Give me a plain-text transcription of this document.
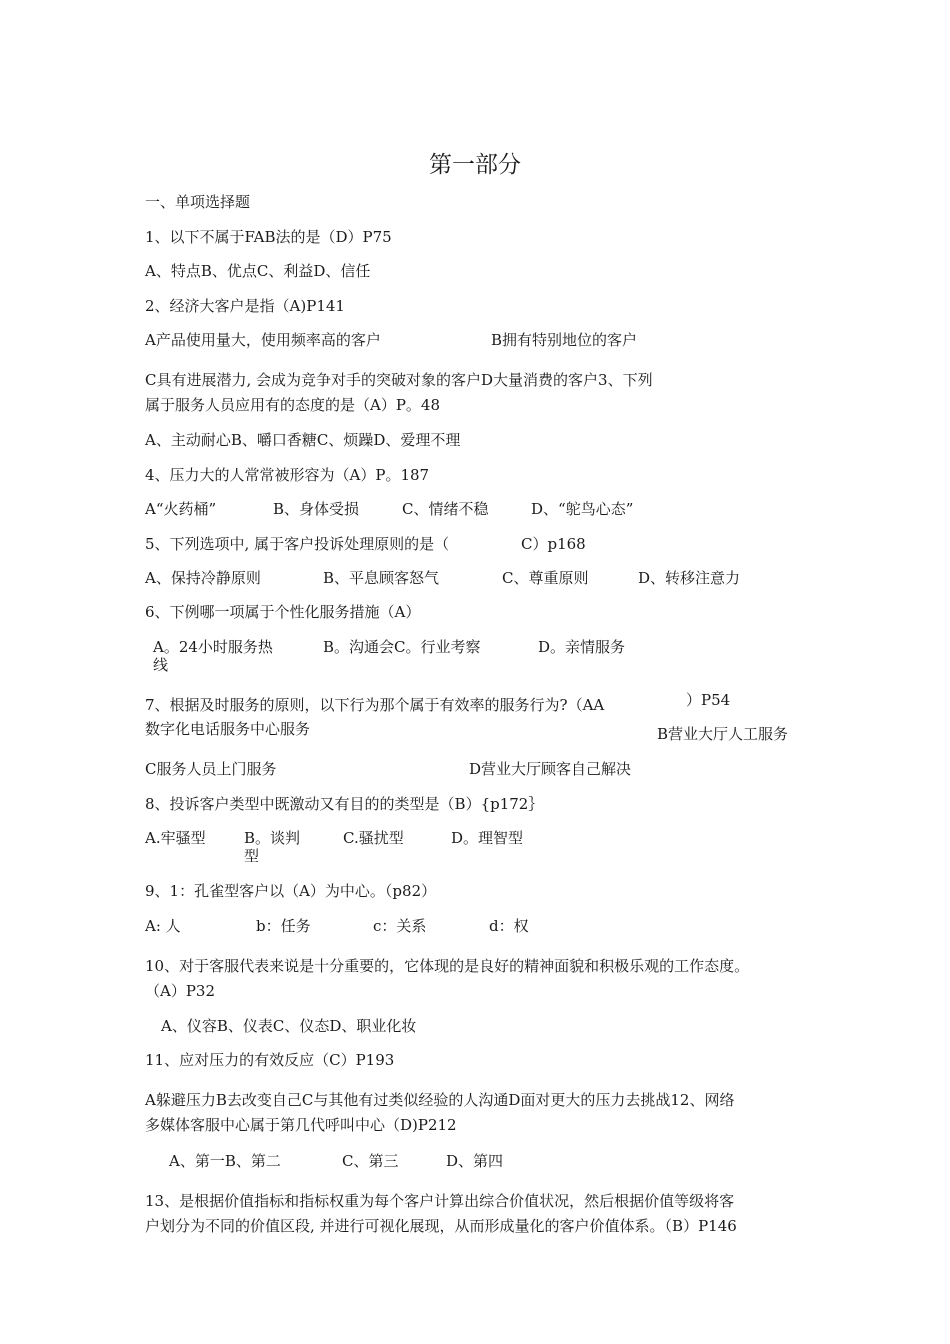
第一部分
一、单项选择题
1、以下不属于FAB法的是（D）P75
A、特点B、优点C、利益D、信任
2、经济大客户是指（A)P141
A产品使用量大，使用频率高的客户	B拥有特别地位的客户
C具有进展潜力, 会成为竞争对手的突破对象的客户D大量消费的客户3、下列
属于服务人员应用有的态度的是（A）P。48
A、主动耐心B、嚼口香糖C、烦躁D、爱理不理
4、压力大的人常常被形容为（A）P。187
A“火药桶”	B、身体受损	C、情绪不稳	D、“鸵鸟心态”
5、下列选项中, 属于客户投诉处理原则的是（	C）p168
A、保持冷静原则	B、平息顾客怒气	C、尊重原则	D、转移注意力
6、下例哪一项属于个性化服务措施（A）
A。24小时服务热
线
B。沟通会C。行业考察	D。亲情服务
7、根据及时服务的原则，以下行为那个属于有效率的服务行为?（AA	）P54
数字化电话服务中心服务	B营业大厅人工服务
C服务人员上门服务	D营业大厅顾客自己解决
8、投诉客户类型中既激动又有目的的类型是（B）{p172｝
A.牢骚型	B。谈判
型
C.骚扰型	D。理智型
9、1：孔雀型客户以（A）为中心。（p82）
A: 人	b：任务	c：关系	d：权
10、对于客服代表来说是十分重要的，它体现的是良好的精神面貌和积极乐观的工作态度。
（A）P32
A、仪容B、仪表C、仪态D、职业化妆
11、应对压力的有效反应（C）P193
A躲避压力B去改变自己C与其他有过类似经验的人沟通D面对更大的压力去挑战12、网络
多媒体客服中心属于第几代呼叫中心（D)P212
A、第一B、第二	C、第三	D、第四
13、是根据价值指标和指标权重为每个客户计算出综合价值状况，然后根据价值等级将客
户划分为不同的价值区段, 并进行可视化展现，从而形成量化的客户价值体系。（B）P146
